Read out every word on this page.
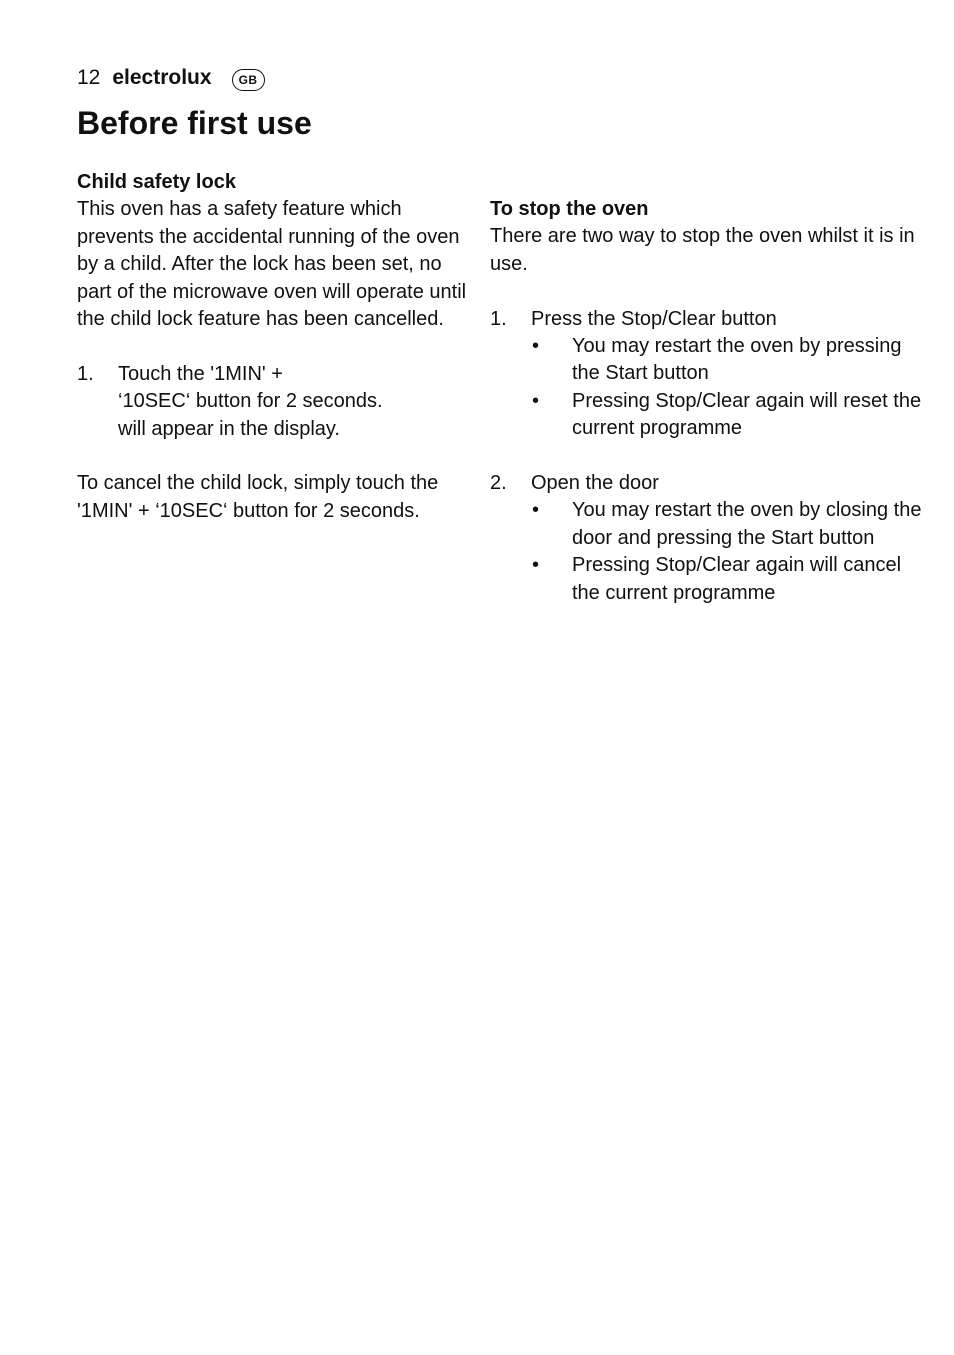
12 electrolux	GB
Before first use
Child safety lock

This oven has a safety feature which prevents the accidental running of the oven by a child. After the lock has been set, no part of the microwave oven will operate until the child lock feature has been cancelled.

1. Touch the '1MIN' +
‘10SEC‘ button for 2 seconds.
will appear in the display.

To cancel the child lock, simply touch the '1MIN' + ‘10SEC‘ button for 2 seconds.

To stop the oven

There are two way to stop the oven whilst it is in use.

1. Press the Stop/Clear button
• You may restart the oven by pressing the Start button
• Pressing Stop/Clear again will reset the current programme
2. Open the door
• You may restart the oven by closing the door and pressing the Start button
• Pressing Stop/Clear again will cancel the current programme
